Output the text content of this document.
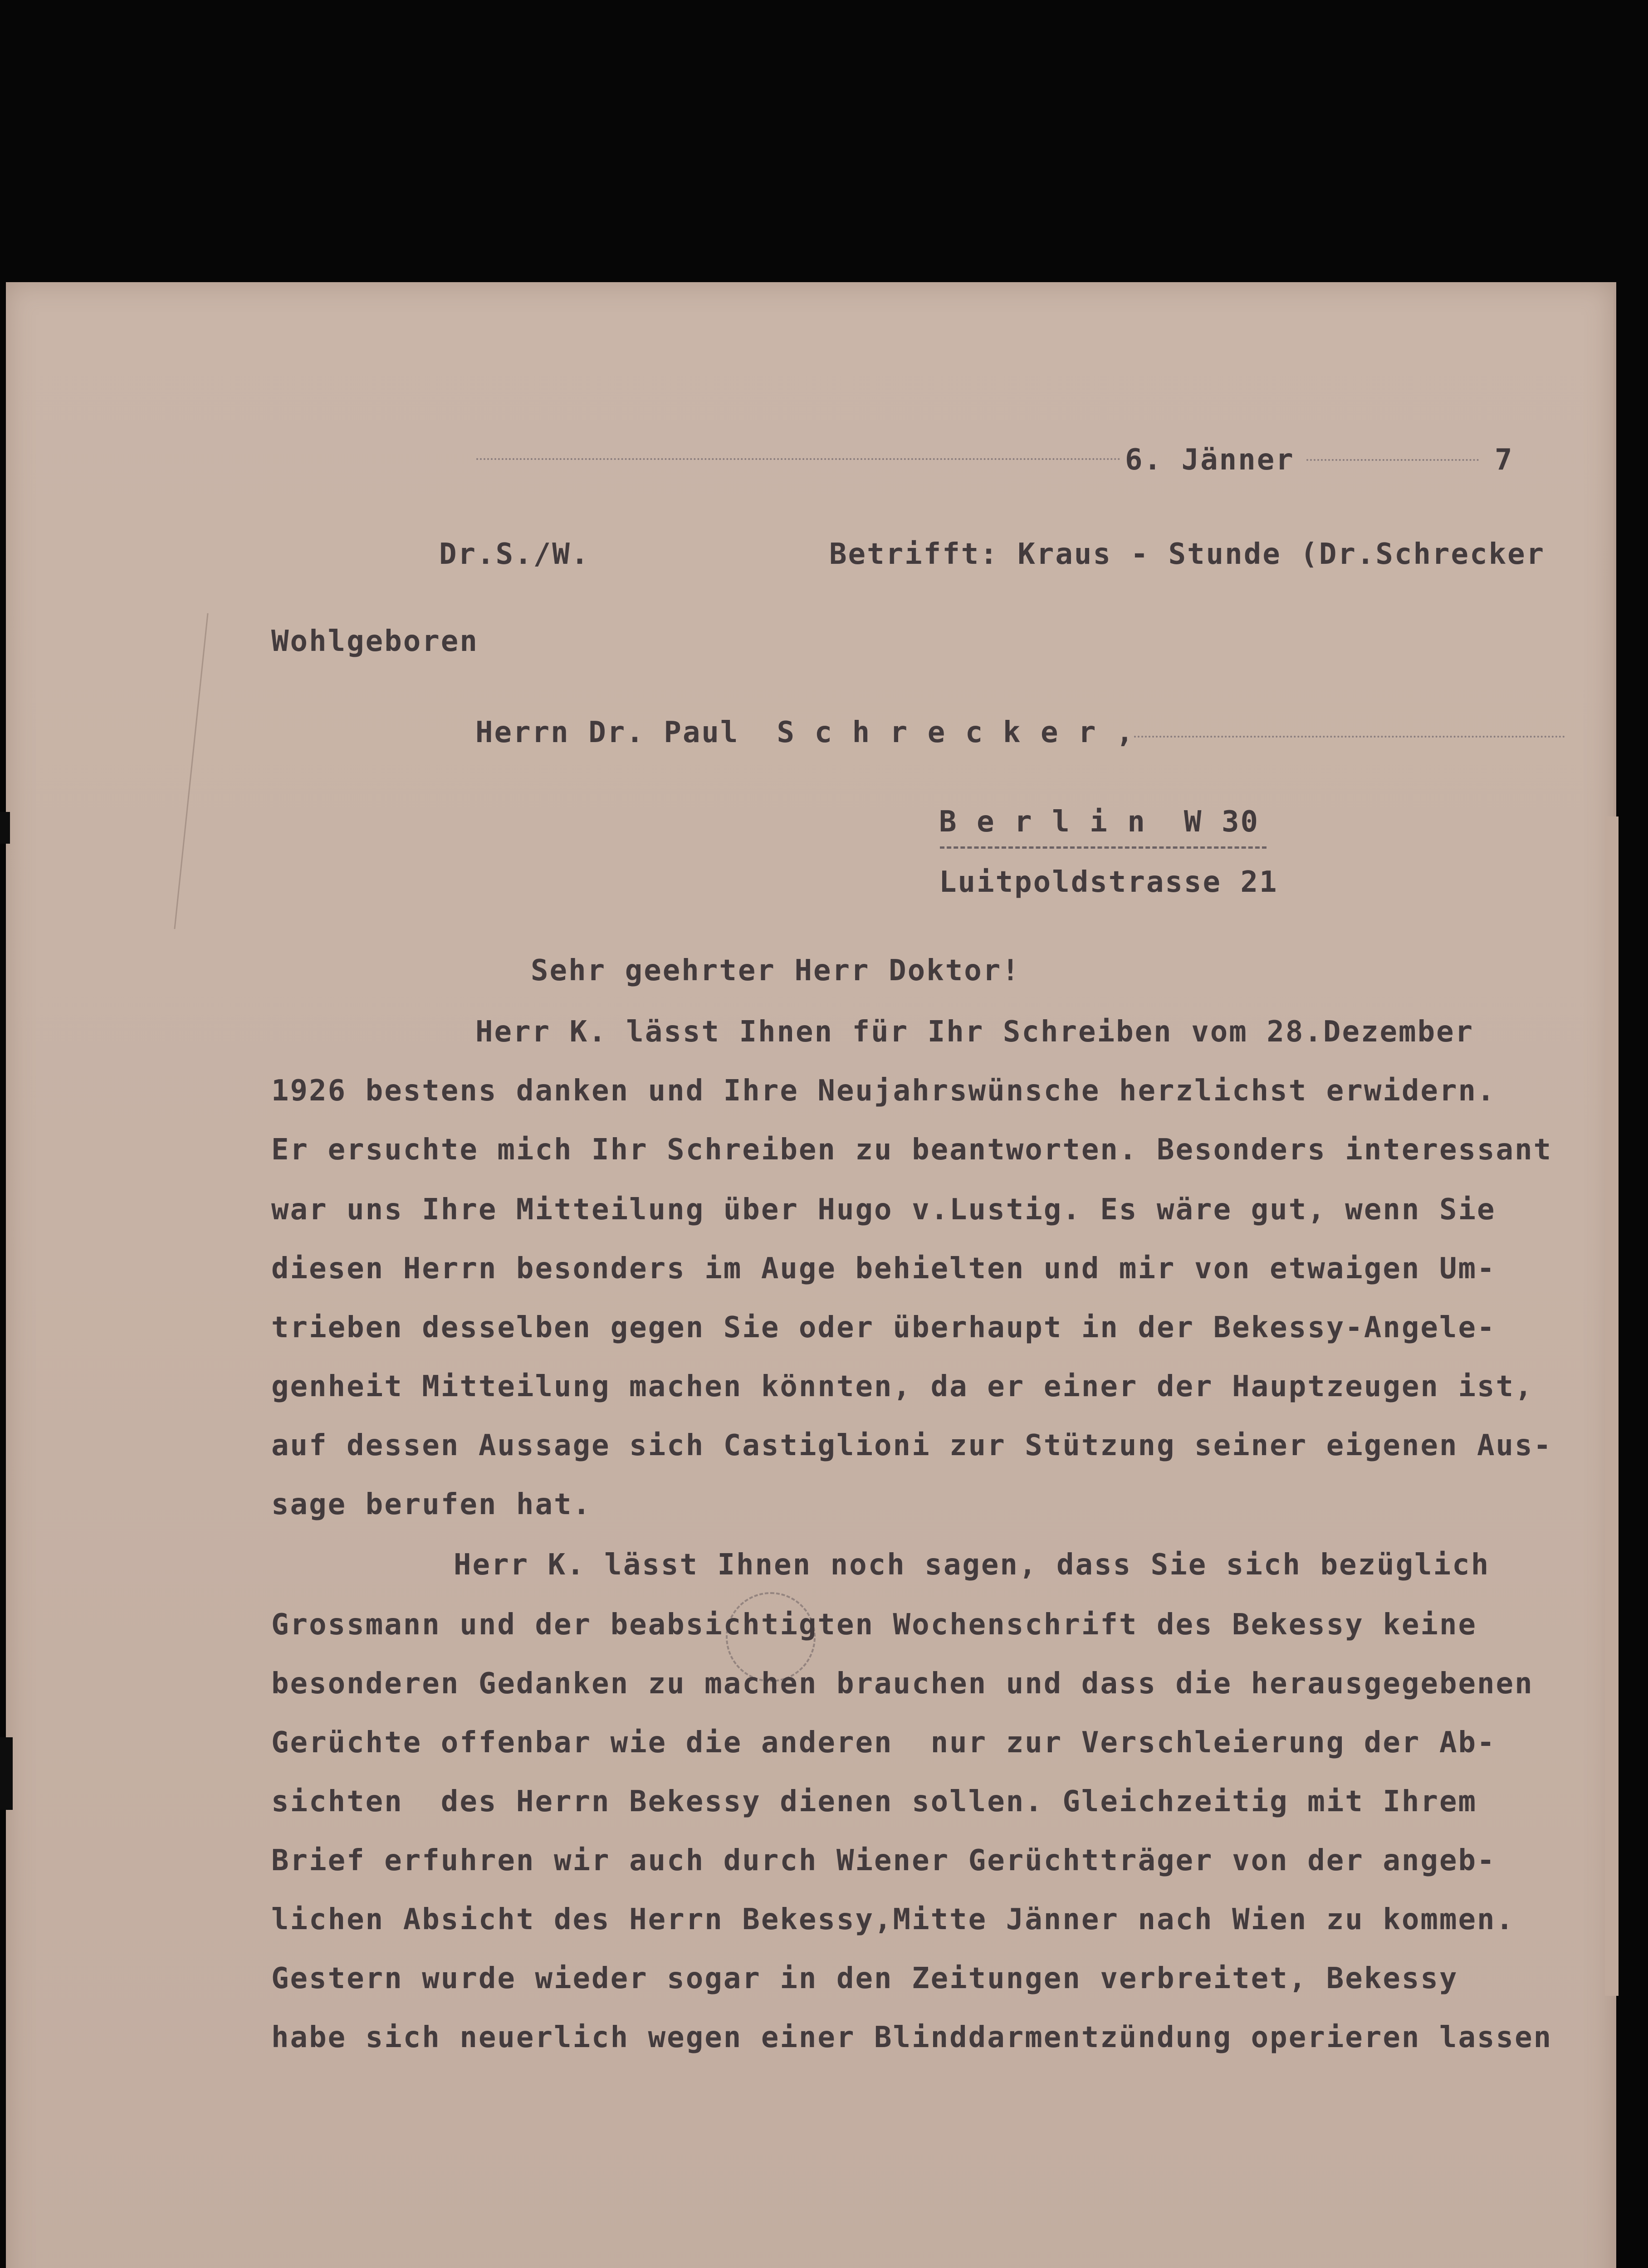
6. Jänner	7
Dr.S./W.	Betrifft: Kraus - Stunde (Dr.Schrecker
Wohlgeboren
Herrn Dr. Paul  S c h r e c k e r ,
B e r l i n  W 30
Luitpoldstrasse 21
Sehr geehrter Herr Doktor!
Herr K. lässt Ihnen für Ihr Schreiben vom 28.Dezember
1926 bestens danken und Ihre Neujahrswünsche herzlichst erwidern.
Er ersuchte mich Ihr Schreiben zu beantworten. Besonders interessant
war uns Ihre Mitteilung über Hugo v.Lustig. Es wäre gut, wenn Sie
diesen Herrn besonders im Auge behielten und mir von etwaigen Um-
trieben desselben gegen Sie oder überhaupt in der Bekessy-Angele-
genheit Mitteilung machen könnten, da er einer der Hauptzeugen ist,
auf dessen Aussage sich Castiglioni zur Stützung seiner eigenen Aus-
sage berufen hat.
Herr K. lässt Ihnen noch sagen, dass Sie sich bezüglich
Grossmann und der beabsichtigten Wochenschrift des Bekessy keine
besonderen Gedanken zu machen brauchen und dass die herausgegebenen
Gerüchte offenbar wie die anderen  nur zur Verschleierung der Ab-
sichten  des Herrn Bekessy dienen sollen. Gleichzeitig mit Ihrem
Brief erfuhren wir auch durch Wiener Gerüchtträger von der angeb-
lichen Absicht des Herrn Bekessy,Mitte Jänner nach Wien zu kommen.
Gestern wurde wieder sogar in den Zeitungen verbreitet, Bekessy
habe sich neuerlich wegen einer Blinddarmentzündung operieren lassen
